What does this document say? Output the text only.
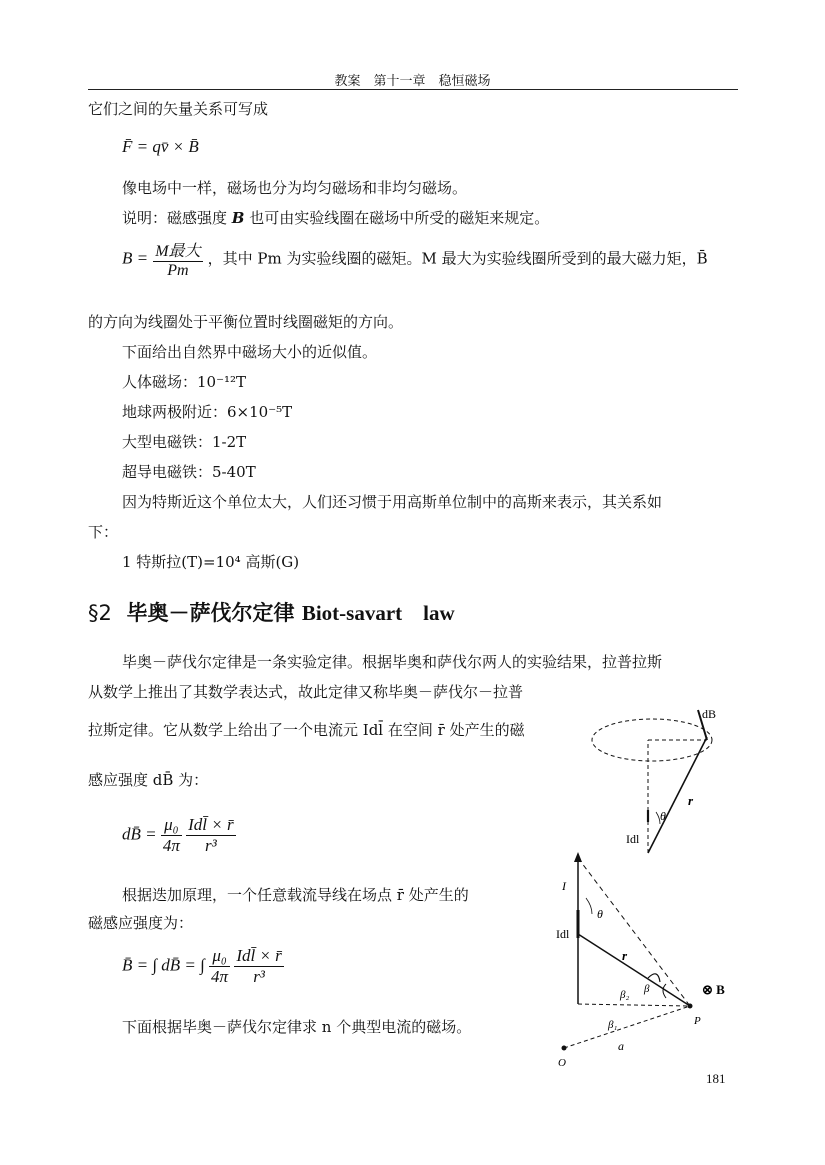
教案　第十一章　稳恒磁场
它们之间的矢量关系可写成
F̄ = qv̄ × B̄
像电场中一样，磁场也分为均匀磁场和非均匀磁场。
说明：磁感强度 B 也可由实验线圈在磁场中所受的磁矩来规定。
$B = \frac{\text{M最大}}{Pm}$ ，其中 Pm 为实验线圈的磁矩。M 最大为实验线圈所受到的最大磁力矩，B̄
的方向为线圈处于平衡位置时线圈磁矩的方向。
下面给出自然界中磁场大小的近似值。
人体磁场：10⁻¹²T
地球两极附近：6×10⁻⁵T
大型电磁铁：1-2T
超导电磁铁：5-40T
因为特斯近这个单位太大，人们还习惯于用高斯单位制中的高斯来表示，其关系如
下：
1 特斯拉(T)=10⁴ 高斯(G)
§2 毕奥－萨伐尔定律 Biot-savart　law
毕奥－萨伐尔定律是一条实验定律。根据毕奥和萨伐尔两人的实验结果，拉普拉斯
从数学上推出了其数学表达式，故此定律又称毕奥－萨伐尔－拉普
拉斯定律。它从数学上给出了一个电流元 Idl̄ 在空间 r̄ 处产生的磁
感应强度 dB̄ 为：
dB̄ = $\frac{\text{μ₀}}{4\pi}$
$\frac{\text{Idl̄ × r̄}}{\text{r³}}$
根据迭加原理，一个任意载流导线在场点 r̄ 处产生的
磁感应强度为：
B̄ = ∫ dB̄ = ∫ $\frac{\text{μ₀}}{4\pi}$
$\frac{\text{Idl̄ × r̄}}{\text{r³}}$
下面根据毕奥－萨伐尔定律求 n 个典型电流的磁场。
181
dB
r
θ
Idl
I
θ
Idl
r
β₂ β
β₁	P
O
a
⊗ B
